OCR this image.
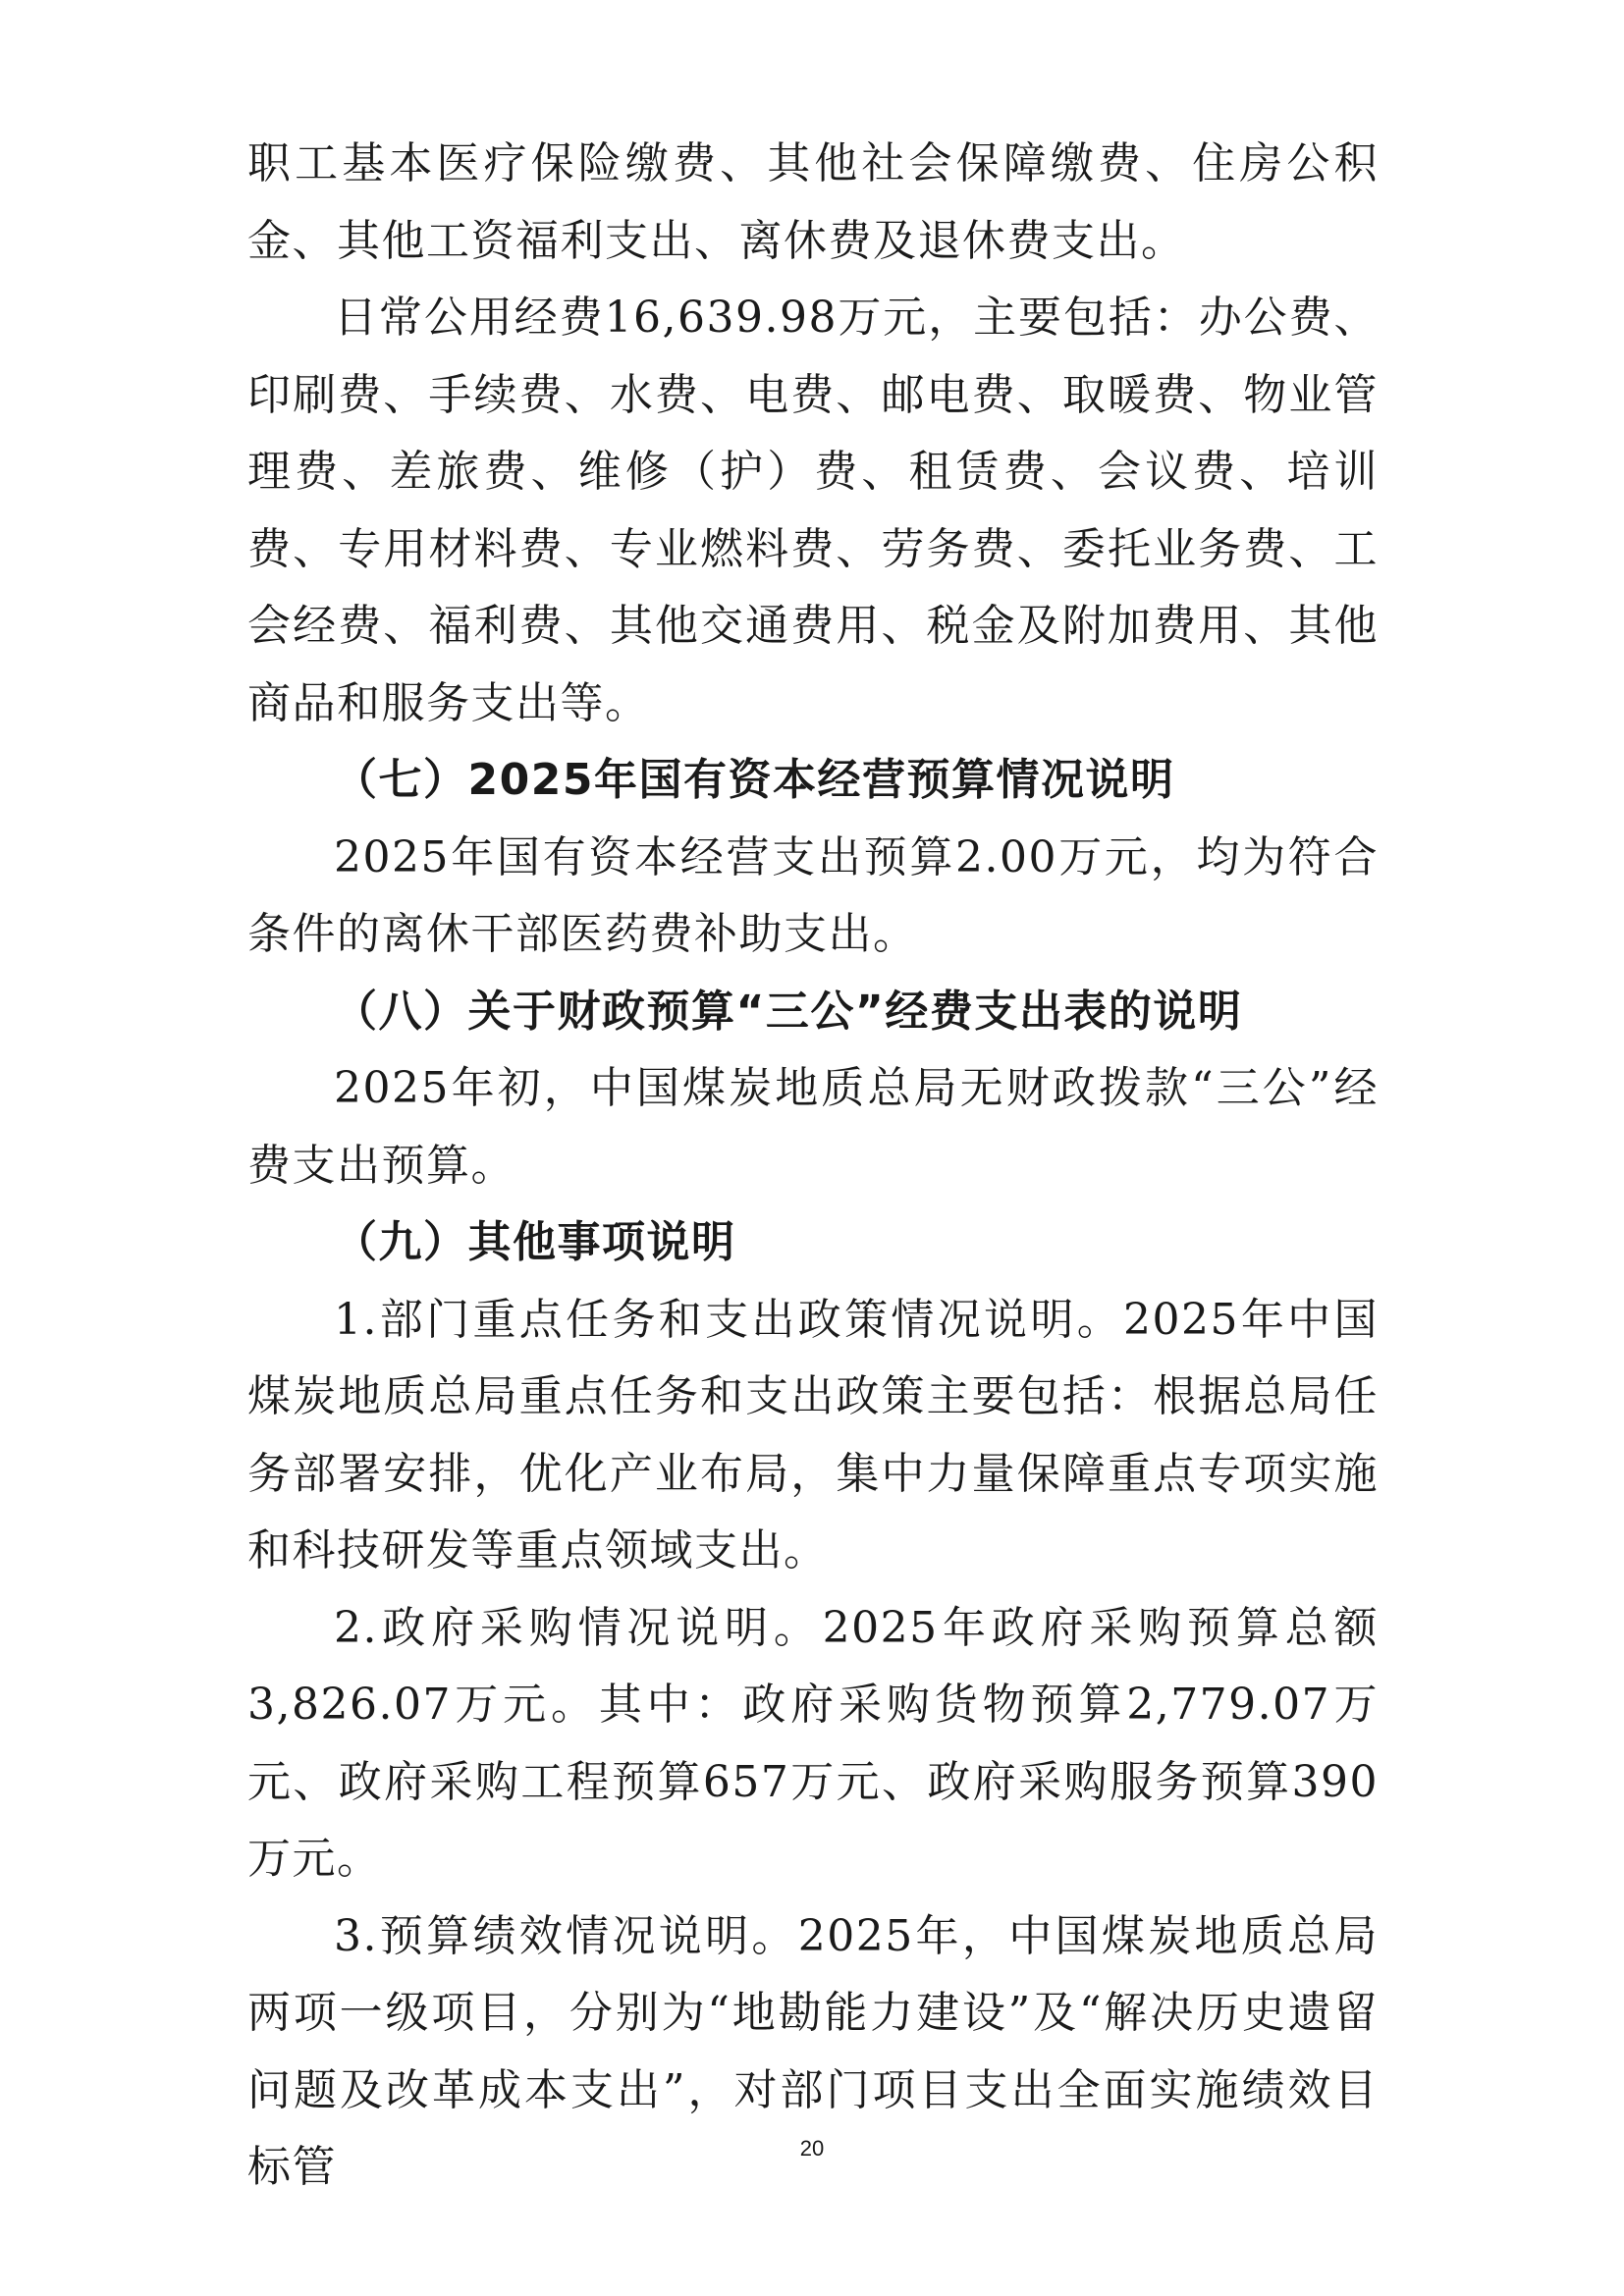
职工基本医疗保险缴费、其他社会保障缴费、住房公积金、其他工资福利支出、离休费及退休费支出。

日常公用经费16,639.98万元，主要包括：办公费、印刷费、手续费、水费、电费、邮电费、取暖费、物业管理费、差旅费、维修（护）费、租赁费、会议费、培训费、专用材料费、专业燃料费、劳务费、委托业务费、工会经费、福利费、其他交通费用、税金及附加费用、其他商品和服务支出等。

（七）2025年国有资本经营预算情况说明

2025年国有资本经营支出预算2.00万元，均为符合条件的离休干部医药费补助支出。

（八）关于财政预算“三公”经费支出表的说明

2025年初，中国煤炭地质总局无财政拨款“三公”经费支出预算。

（九）其他事项说明

1.部门重点任务和支出政策情况说明。2025年中国煤炭地质总局重点任务和支出政策主要包括：根据总局任务部署安排，优化产业布局，集中力量保障重点专项实施和科技研发等重点领域支出。

2.政府采购情况说明。2025年政府采购预算总额3,826.07万元。其中：政府采购货物预算2,779.07万元、政府采购工程预算657万元、政府采购服务预算390万元。

3.预算绩效情况说明。2025年，中国煤炭地质总局两项一级项目，分别为“地勘能力建设”及“解决历史遗留问题及改革成本支出”，对部门项目支出全面实施绩效目标管	20
